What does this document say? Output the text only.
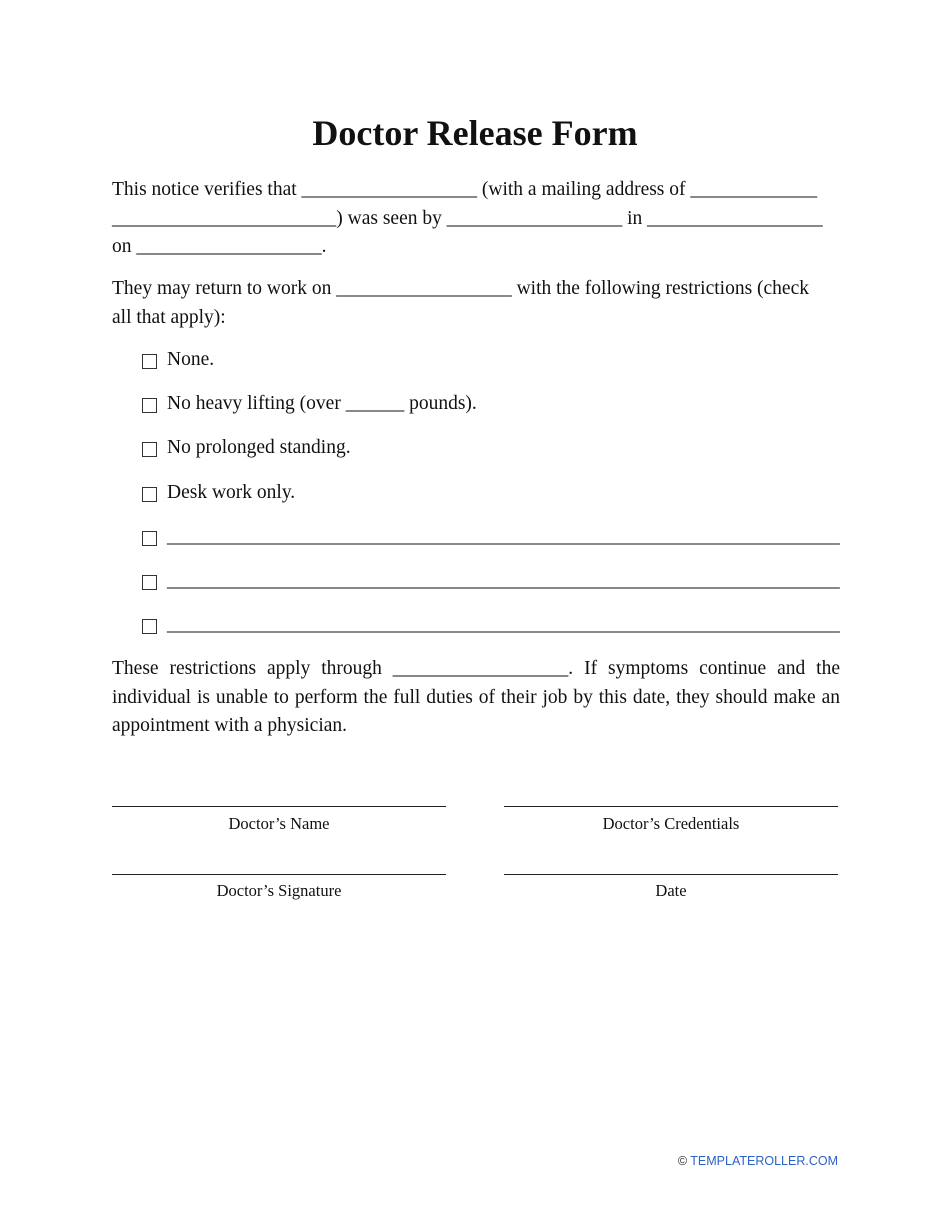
Doctor Release Form
This notice verifies that __________________ (with a mailing address of _____________
_______________________) was seen by __________________ in __________________
on ___________________.
They may return to work on __________________ with the following restrictions (check
all that apply):
None.
No heavy lifting (over ______ pounds).
No prolonged standing.
Desk work only.
_____________________________________________________________________
_____________________________________________________________________
_____________________________________________________________________

These restrictions apply through __________________. If symptoms continue and the individual is unable to perform the full duties of their job by this date, they should make an appointment with a physician.

Doctor’s Name	Doctor’s Credentials
Doctor’s Signature	Date
© TEMPLATEROLLER.COM
